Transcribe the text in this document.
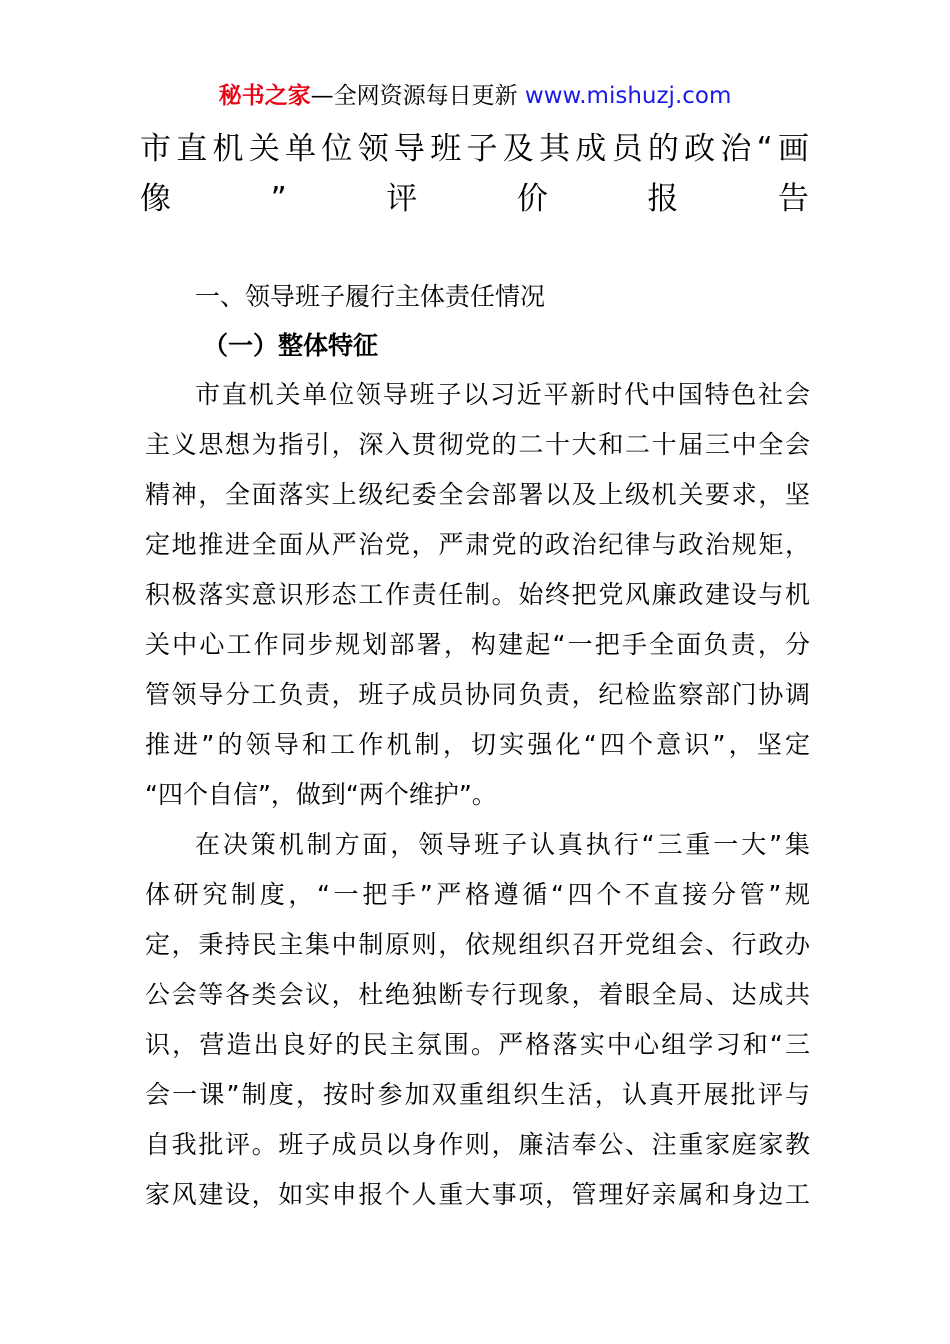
秘书之家—全网资源每日更新 www.mishuzj.com
市直机关单位领导班子及其成员的政治“画
像”评价报告

一、领导班子履行主体责任情况

（一）整体特征

市直机关单位领导班子以习近平新时代中国特色社会
主义思想为指引，深入贯彻党的二十大和二十届三中全会
精神，全面落实上级纪委全会部署以及上级机关要求，坚
定地推进全面从严治党，严肃党的政治纪律与政治规矩，
积极落实意识形态工作责任制。始终把党风廉政建设与机
关中心工作同步规划部署，构建起“一把手全面负责，分
管领导分工负责，班子成员协同负责，纪检监察部门协调
推进”的领导和工作机制，切实强化“四个意识”，坚定
“四个自信”，做到“两个维护”。
在决策机制方面，领导班子认真执行“三重一大”集
体研究制度，“一把手”严格遵循“四个不直接分管”规
定，秉持民主集中制原则，依规组织召开党组会、行政办
公会等各类会议，杜绝独断专行现象，着眼全局、达成共
识，营造出良好的民主氛围。严格落实中心组学习和“三
会一课”制度，按时参加双重组织生活，认真开展批评与
自我批评。班子成员以身作则，廉洁奉公、注重家庭家教
家风建设，如实申报个人重大事项，管理好亲属和身边工
